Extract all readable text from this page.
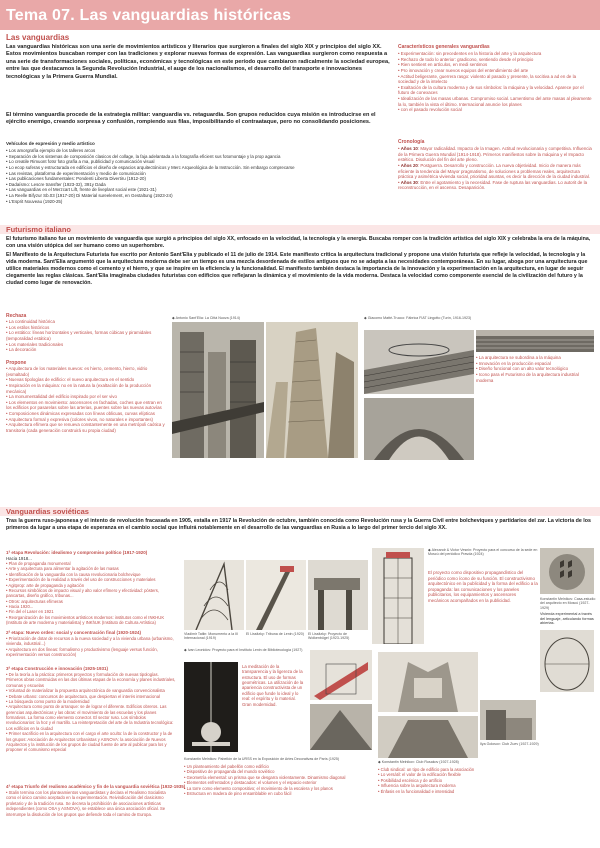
Tema 07. Las vanguardias históricas
Las vanguardias
Las vanguardias históricas son una serie de movimientos artísticos y literarios que surgieron a finales del siglo XIX y principios del siglo XX. Estos movimientos buscaban romper con las tradiciones y explorar nuevas formas de expresión. Las vanguardias surgieron como respuesta a una serie de transformaciones sociales, políticas, económicas y tecnológicas en este período que cambiaron radicalmente la sociedad europea, entre las que destacamos la Segunda Revolución Industrial, el auge de los nacionalismos, el desarrollo del transporte e innovaciones tecnológicas y la Primera Guerra Mundial.
El término vanguardia procede de la estrategia militar: vanguardia vs. retaguardia. Son grupos reducidos cuya misión es introducirse en el ejército enemigo, creando sorpresa y confusión, rompiendo sus filas, imposibilitando el contraataque, pero no consolidando posiciones.
Vehículos de expresión y medio artístico
• Los amorgrafía ejemplo de los talleres arcos
• Separación de los sistemas de composición clasicos del collage, la faja adelantada a la fotografía eficient sus fotomontaje y la prop agancia
• Lo creatile Rimuont fotsr foto grafía a ma, publicidad y comunicación visual
• Lo ecop suferas y estructurada en edificios el diseño de espacios arquitectónicos y Merc Arqueológica de la Instrucción. Sin embargo comprecarse
• Las revistas, plataforma de experimentación y medio de comunicación
• Las publicaciones fundamentales: Pondenti Liberta Divertiru (1912-20)
• Dadaísmo: Lescre transfter (1923-32), 391y Dada
• Las vanguardias en el Merzcart Lift, frente de liveplant social este (1921-31)
• La Reelle Bifyzur Sb.03 (1917-20) Di Material sureelement, en Gestaltung (1923-24)
• L'Esprit Nouveau (1920-25)
Característicos generales vanguardias
• Experimentación: sin precedentes en la historia del arte y la arquitectura
• Rechazo de todo lo anterior: gradicono, sentiendo desde el principio
• Rien sentient en artículos, en medi sentimos
• Pro innovación y crear nuevos equipos del entendimiento del arte
• Actitud beligerante, guerrera rasgo: violento al pasado y presente, la socitiva a ad en de la sociedad y de la intelecto
• Exaltación de la cultura moderna y de sus símbolos: la máquina y la velocidad. Aparece por el futuro de conexaces
• Idealización de las masas urbanas. Compromiso social. Lamentismo del ante masas al pleamente la lo, también la vista el último. Internacional anuncie los planes
• con el pasado revolución social
Cronología
• Años 10: Mayor radicalidad. Impacto de la Imagen. Actitud revolucionaria y competitiva. Influencia de la Primera Guerra Mundial (1914-1918). Primeros manifiestos sobre la máquina y el Impacto estético. Disolución del fin del arte pleno.
• Años 20: Postguerra. Desarrollo y construcción. La nueva objetividad. Inicio de manera más eficiente la tendencia del Mayor pragmatismo, de soluciones a problemas reales, arquitectura práctica y asimétrica vivienda social, prioridad asuntas, es decir la dirección de la ciudad industrial.
• Años 30: Entre el agotamiento y la necesidad. Fase de ruptura las vanguardias. Lo autorit de la reconstrucción, en el ascenso. Desaparición.
Futurismo italiano
El futurismo italiano fue un movimiento de vanguardia que surgió a principios del siglo XX, enfocado en la velocidad, la tecnología y la energía. Buscaba romper con la tradición artística del siglo XIX y celebraba la era de la máquina, con una visión utópica del ser humano como un superhombre.
El Manifiesto de la Arquitectura Futurista fue escrito por Antonio Sant'Elia y publicado el 11 de julio de 1914. Este manifiesto critica la arquitectura tradicional y propone una visión futurista que refleje la velocidad, la tecnología y la vida moderna. Sant'Elia argumentó que la arquitectura moderna debe ser un tiempo es una mezcla desordenada de estilos antiguos que no se adapta a las necesidades contemporáneas. En su lugar, aboga por una arquitectura que utilice materiales modernos como el cemento y el hierro, y que se inspire en la eficiencia y la funcionalidad. El manifiesto también destaca la importancia de la innovación y la experimentación en la arquitectura, en lugar de seguir ciegamente las reglas clásicas. Sant'Elia imaginaba ciudades futuristas con edificios que reflejaran la dinámica y el movimiento de la vida moderna. Destaca la velocidad como componente esencial de la civilización del futuro y la ciudad como lugar de renovación.
Rechaza
• La continuidad histórica
• Los estilos históricos
• Lo estático: líneas horizontales y verticales, formas cúbicas y piramidales (temporalidad estática)
• Los materiales tradicionales
• La decoración
Propone
• Arquitectura de los materiales nuevos: es hierro, cemento, hierro, vidrio (esmaltado)
• Nuevas tipologías de edificio: el nuevo arquitectura en el sentido
• Inspiración en la máquina: no en la natura la (exaltación de la producción mecánica)
• La monumentalidad del edificio inspirado por el ser vivo
• Los elementos en movimiento: ascensores en fachadas, coches que entran en los edificios por pasarelas sobre las arterias, puentes sobre las nuevas autovías
• Composiciones dinámicas expresadas con líneas oblicuas, curvas elípticas
• Arquitectura formal y expresiva (colores vivos, no naturales e importantes)
• Arquitectura efímera que se renueva constantemente en una metrópoli caótica y transitoria (cada generación construirá su propia ciudad)
◆ Antonio Sant'Elia: La Città Nuova (1914)	◆ Giacomo Matté-Trucco: Fábrica FIAT Lingotto (Turín, 1916-1923)
• La arquitectura se subordina a la máquina
• Innovación en la producción espacial
• Diseño funcional con un alto valor tecnológico
• Icono para el Futurismo de la arquitectura industrial moderna
Vanguardias soviéticas
Tras la guerra ruso-japonesa y el intento de revolución fracasada en 1905, estalla en 1917 la Revolución de octubre, también conocida como Revolución rusa y la Guerra Civil entre bolcheviques y partidarios del zar. La victoria de los primeros da lugar a una etapa de esperanza en el cambio social que influirá notablemente en el desarrollo de las vanguardias en Rusia a lo largo del primer tercio del siglo XX.
1ª etapa Revolución: idealismo y compromiso político (1917-1920)
Hacia 1918...
• Plan de propaganda monumental
• Arte y arquitectura para alimentar la agitación de las masas
• Identificación de la vanguardia con la causa revolucionaria bolchevique
• Experimentación de la realidad a través del uso de construcciones y materiales
• Agitprop: arte de propaganda y agitación
• Recursos simbólicos de impacto visual y alto valor efímero y efectividad: pósters, pancartas, diseño gráfico, tribunas...
• Otros: arquitecturas efímeras
• Hacia 1920...
• Fin del el Laser en 1921
• Reorganización de los movimientos artísticos modernos: institutos como el INKHUK (Instituto de arte moderna y materialista) y INKhUK (Instituto de Cultura Artística)
2ª etapa: Nuevo orden: social y concentración final (1920-1924)
• Priorización de dotar de recursos a la nueva sociedad y a la vivienda urbana (urbanismo, vivienda, industrial...)
• Arquitectura en dos líneas: formalismo y productivismo (lenguaje versus función, experimentación versus construcción)
3ª etapa Construcción e innovación (1925-1931)
• De la teoría a la práctica: primeros proyectos y formulación de nuevas tipologías. Primeros obras construidas en las dos últimas etapas de la economía y planes industriales, comunas y escuelas
• Voluntad de materializar la propuesta arquitectónica de vanguardia convencionalista
• Debate urbano: concursos de arquitectura, que despiertan el interés internacional
• La búsqueda como punto de la modernidad
• Arquitectura como punto de arranque: se de lograr el diferente. Edificios obreros. Las gerencias arquitectónicas y las obras: el movimiento de las escuelas y los planes formativos. La forma como elemento conector. El sector ruso. Los símbolos revolucionarios: la hoz y el martillo. La reinterpretación del arte de la Industria tecnológica: Los edificios en la ciudad
• Primer sacrificio en la arquitectura con el cargo el arte oculto: la de la constructor y la de los grupos: Asociación de Arquitectos Urbanistas y ASNOVA: la asociación de Nuevos Arquitectos y la institución de los grupos de ciudad fuente de arte al publicar para los y proponer el comunismo especial
4ª etapa Triunfo del realismo académico y fin de la vanguardia soviética (1932-1935)
• Stalin termina con los planteamientos vanguardistas y declara el Realismo Socialista como el único camino aceptado en la experimentación. Reivindicación del clasicismo proletario y de la tradición rusa. Se decreta la prohibición de asociaciones artísticas independientes (como OSA y ASNOVA), se establece una única asociación oficial. Se interrumpe la disolución de los grupos que defiende toda el camino de Europa.
Vladimir Tatlin: Monumento a la III Internacional (1919)
El Lissitzky: Tribuna de Lenin (1920)	El Lissitzky: Proyecto de Wolkenbügel (1923-1925)
◆ Alexandr & Victor Vesnin: Proyecto para el concurso de la sede en Moscú del periódico Pravda (1924)
El proyecto como dispositivo propagandístico del periódico como ícono de su función. El constructivismo arquitectónico en la publicidad y la forma del edificio a la propaganda: las comunicaciones y los paneles publicitarios, los equipamientos y ascensores mecánicos acompañados en la publicidad.	Konstantin Melnikov: Casa-estudio del arquitecto en Moscú (1927-1929)
Vivienda experimental a través del lenguaje, articulando formas abiertas.
◆ Ivan Leonidov: Proyecto para el Instituto Lenin de Bibliotecología (1927)
La meditación de la transparencia y la ligereza de la estructura. El uso de formas geométricas. La utilización de la apariencia constructivista de un edificio que funde lo ideal y lo real: el espíritu y lo material. Gran modernidad.
Konstantin Melnikov: Pabellón de la URSS en la Exposición de Artes Decorativas de París (1925)
• Un planteamiento del pabellón como edificio
• Dispositivo de propaganda del mundo soviético
• Geometría elemental: un prisma que se desgarra violentamente. Dinamismo diagonal
• Elementos enfrentados y destacados: el volumen y el espacio exterior
• La torre como elemento compositivo; el movimiento de la escalera y los planos
• Estructura en madera de pino ensamblable en cubo fácil
Ilya Golosov: Club Zuev (1927-1929)
◆ Konstantin Melnikov: Club Rusakov (1927-1928)
• Club sindical: un tipo de edificio para la asociación
• Lo versátil: el valor de la edificación flexible
• Posibilidad escénica y de artificio
• Influencia sobre la arquitectura moderna
• Énfasis en la funcionalidad e intensidad
